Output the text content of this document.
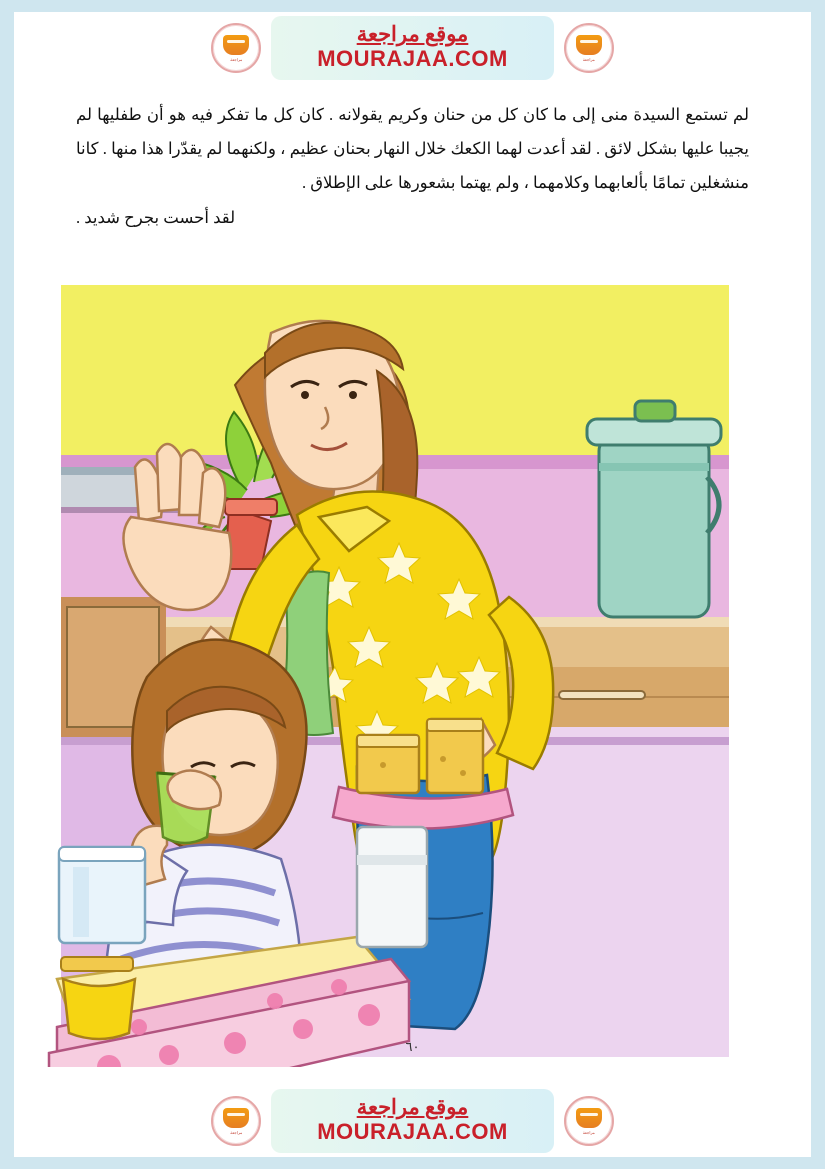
مراجعة
موقع مراجعة
MOURAJAA.COM
مراجعة

لم تستمع السيدة منى إلى ما كان كل من حنان وكريم يقولانه . كان كل ما تفكر فيه هو أن طفليها لم يجيبا عليها بشكل لائق . لقد أعدت لهما الكعك خلال النهار بحنان عظيم ، ولكنهما لم يقدّرا هذا منها . كانا منشغلين تمامًا بألعابهما وكلامهما ، ولم يهتما بشعورها على الإطلاق .

لقد أحست بجرح شديد .

٦٠
مراجعة
موقع مراجعة
MOURAJAA.COM
مراجعة
